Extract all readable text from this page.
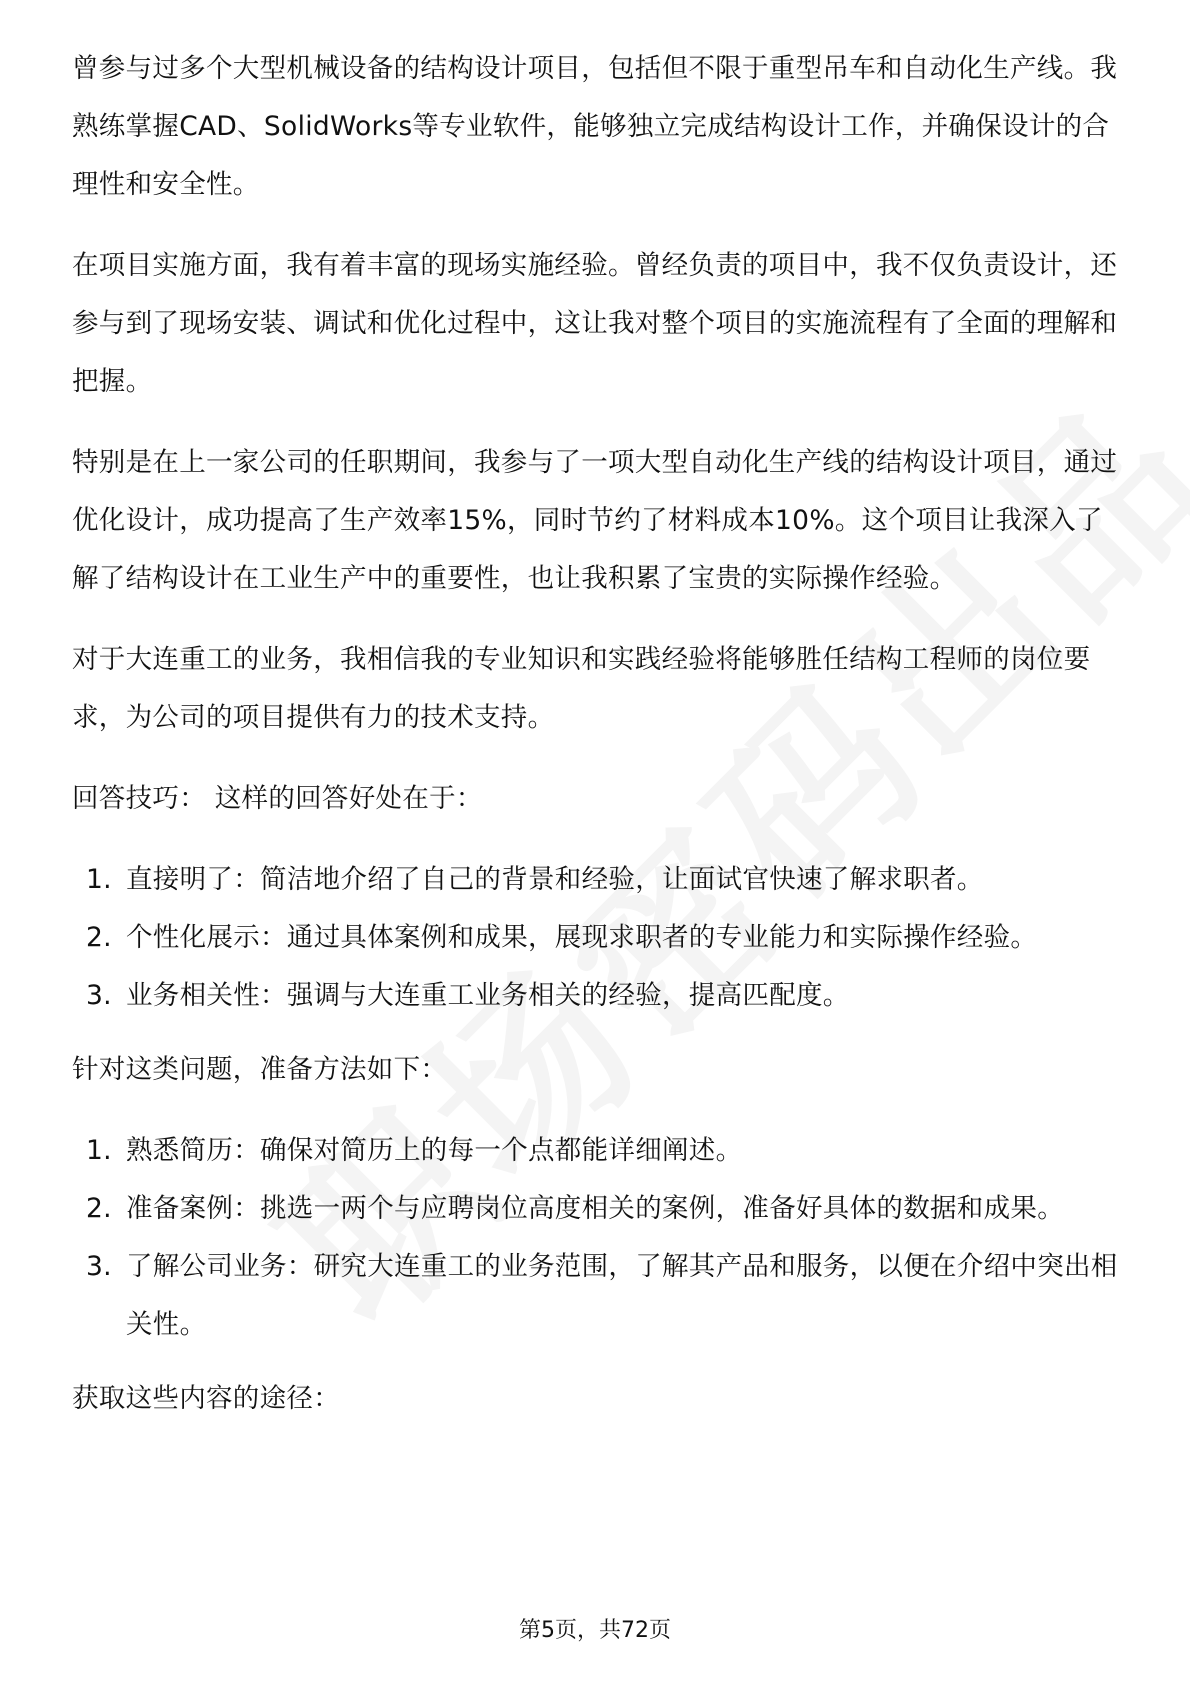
曾参与过多个大型机械设备的结构设计项目，包括但不限于重型吊车和自动化生产线。我熟练掌握CAD、SolidWorks等专业软件，能够独立完成结构设计工作，并确保设计的合理性和安全性。

在项目实施方面，我有着丰富的现场实施经验。曾经负责的项目中，我不仅负责设计，还参与到了现场安装、调试和优化过程中，这让我对整个项目的实施流程有了全面的理解和把握。

特别是在上一家公司的任职期间，我参与了一项大型自动化生产线的结构设计项目，通过优化设计，成功提高了生产效率15%，同时节约了材料成本10%。这个项目让我深入了解了结构设计在工业生产中的重要性，也让我积累了宝贵的实际操作经验。

对于大连重工的业务，我相信我的专业知识和实践经验将能够胜任结构工程师的岗位要求，为公司的项目提供有力的技术支持。

回答技巧： 这样的回答好处在于：

1. 直接明了：简洁地介绍了自己的背景和经验，让面试官快速了解求职者。
2. 个性化展示：通过具体案例和成果，展现求职者的专业能力和实际操作经验。
3. 业务相关性：强调与大连重工业务相关的经验，提高匹配度。

针对这类问题，准备方法如下：

1. 熟悉简历：确保对简历上的每一个点都能详细阐述。
2. 准备案例：挑选一两个与应聘岗位高度相关的案例，准备好具体的数据和成果。
3. 了解公司业务：研究大连重工的业务范围，了解其产品和服务，以便在介绍中突出相关性。

获取这些内容的途径：

第5页，共72页
